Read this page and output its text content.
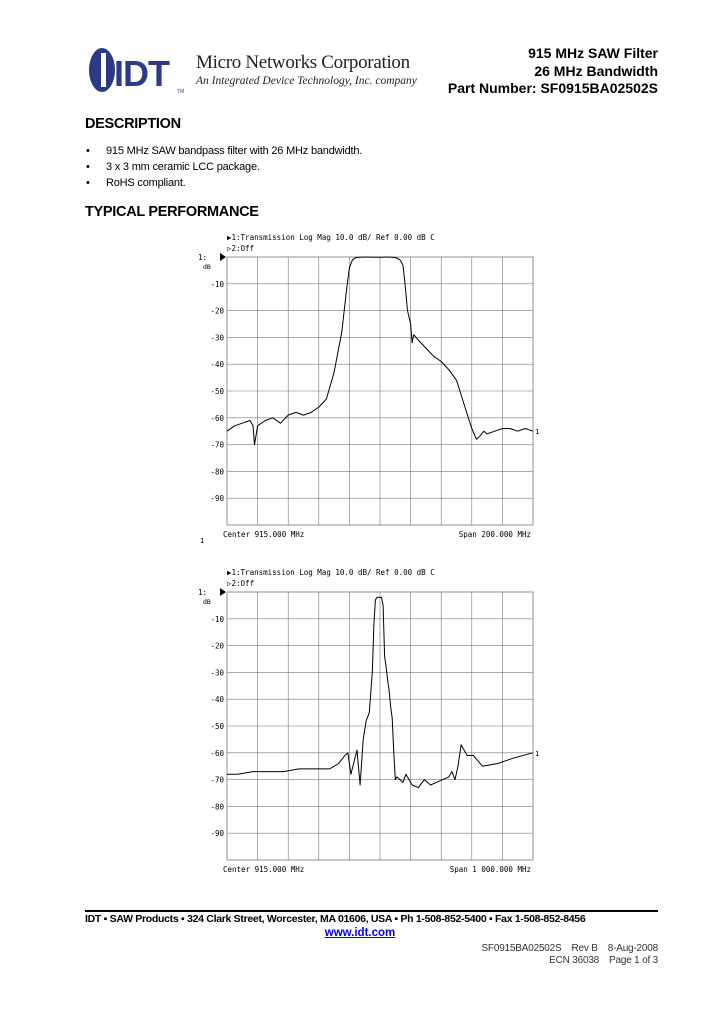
IDT TM
Micro Networks Corporation
An Integrated Device Technology, Inc. company
915 MHz SAW Filter
26 MHz Bandwidth
Part Number: SF0915BA02502S
DESCRIPTION
• 915 MHz SAW bandpass filter with 26 MHz bandwidth.
• 3 x 3 mm ceramic LCC package.
• RoHS compliant.
TYPICAL PERFORMANCE
▶1:Transmission Log Mag 10.0 dB/ Ref 0.00 dB C
▷2:Off
1:
dB
-10
-20
-30
-40
-50
-60
-70
-80
-90
1
Center 915.000 MHz	Span 200.000 MHz
1
▶1:Transmission Log Mag 10.0 dB/ Ref 0.00 dB C
▷2:Off
1:
dB
-10
-20
-30
-40
-50
-60
-70
-80
-90
1
Center 915.000 MHz	Span 1 000.000 MHz
IDT ▪ SAW Products ▪ 324 Clark Street, Worcester, MA 01606, USA ▪ Ph 1-508-852-5400 ▪ Fax 1-508-852-8456
www.idt.com
SF0915BA02502S Rev B 8-Aug-2008
ECN 36038 Page 1 of 3
